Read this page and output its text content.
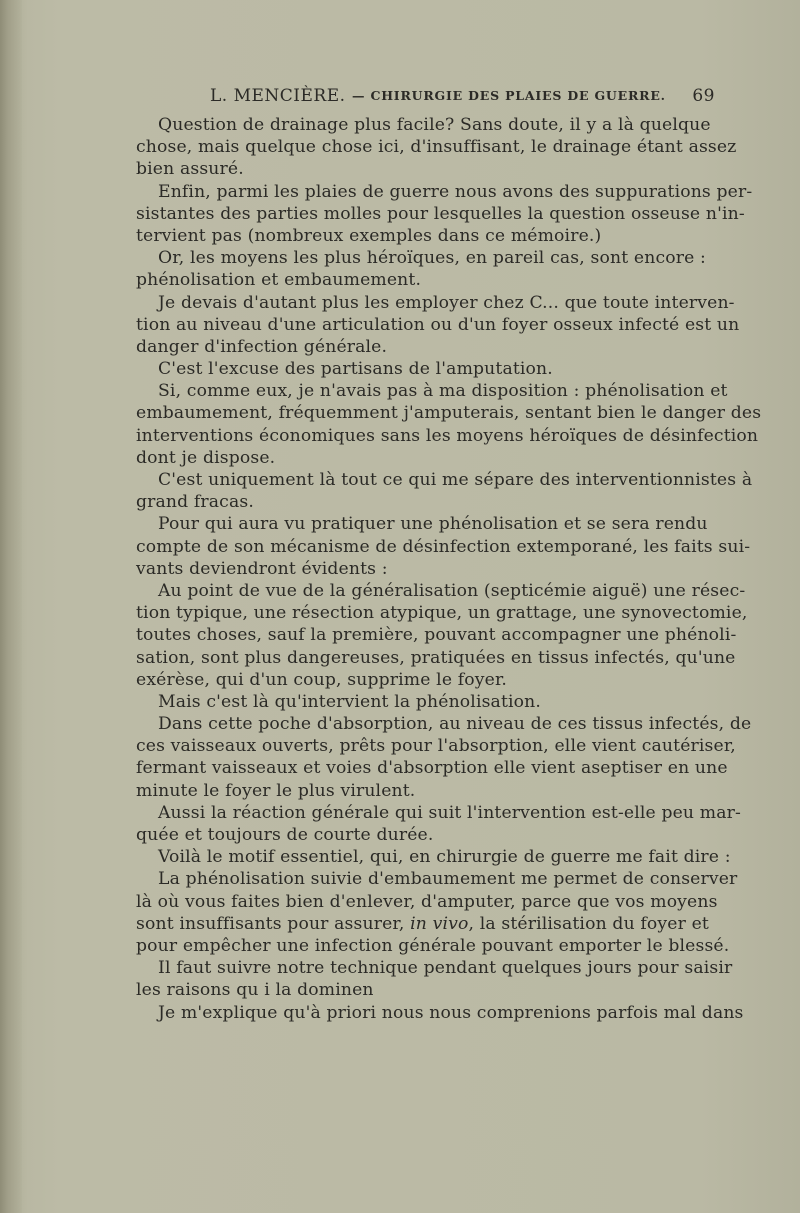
L. MENCIÈRE. — CHIRURGIE DES PLAIES DE GUERRE. 69
Question de drainage plus facile? Sans doute, il y a là quelque
chose, mais quelque chose ici, d'insuffisant, le drainage étant assez
bien assuré.
Enfin, parmi les plaies de guerre nous avons des suppurations per-
sistantes des parties molles pour lesquelles la question osseuse n'in-
tervient pas (nombreux exemples dans ce mémoire.)
Or, les moyens les plus héroïques, en pareil cas, sont encore :
phénolisation et embaumement.
Je devais d'autant plus les employer chez C... que toute interven-
tion au niveau d'une articulation ou d'un foyer osseux infecté est un
danger d'infection générale.
C'est l'excuse des partisans de l'amputation.
Si, comme eux, je n'avais pas à ma disposition : phénolisation et
embaumement, fréquemment j'amputerais, sentant bien le danger des
interventions économiques sans les moyens héroïques de désinfection
dont je dispose.
C'est uniquement là tout ce qui me sépare des interventionnistes à
grand fracas.
Pour qui aura vu pratiquer une phénolisation et se sera rendu
compte de son mécanisme de désinfection extemporané, les faits sui-
vants deviendront évidents :
Au point de vue de la généralisation (septicémie aiguë) une résec-
tion typique, une résection atypique, un grattage, une synovectomie,
toutes choses, sauf la première, pouvant accompagner une phénoli-
sation, sont plus dangereuses, pratiquées en tissus infectés, qu'une
exérèse, qui d'un coup, supprime le foyer.
Mais c'est là qu'intervient la phénolisation.
Dans cette poche d'absorption, au niveau de ces tissus infectés, de
ces vaisseaux ouverts, prêts pour l'absorption, elle vient cautériser,
fermant vaisseaux et voies d'absorption elle vient aseptiser en une
minute le foyer le plus virulent.
Aussi la réaction générale qui suit l'intervention est-elle peu mar-
quée et toujours de courte durée.
Voilà le motif essentiel, qui, en chirurgie de guerre me fait dire :
La phénolisation suivie d'embaumement me permet de conserver
là où vous faites bien d'enlever, d'amputer, parce que vos moyens
sont insuffisants pour assurer, in vivo, la stérilisation du foyer et
pour empêcher une infection générale pouvant emporter le blessé.
Il faut suivre notre technique pendant quelques jours pour saisir
les raisons qu i la dominen
Je m'explique qu'à priori nous nous comprenions parfois mal dans
